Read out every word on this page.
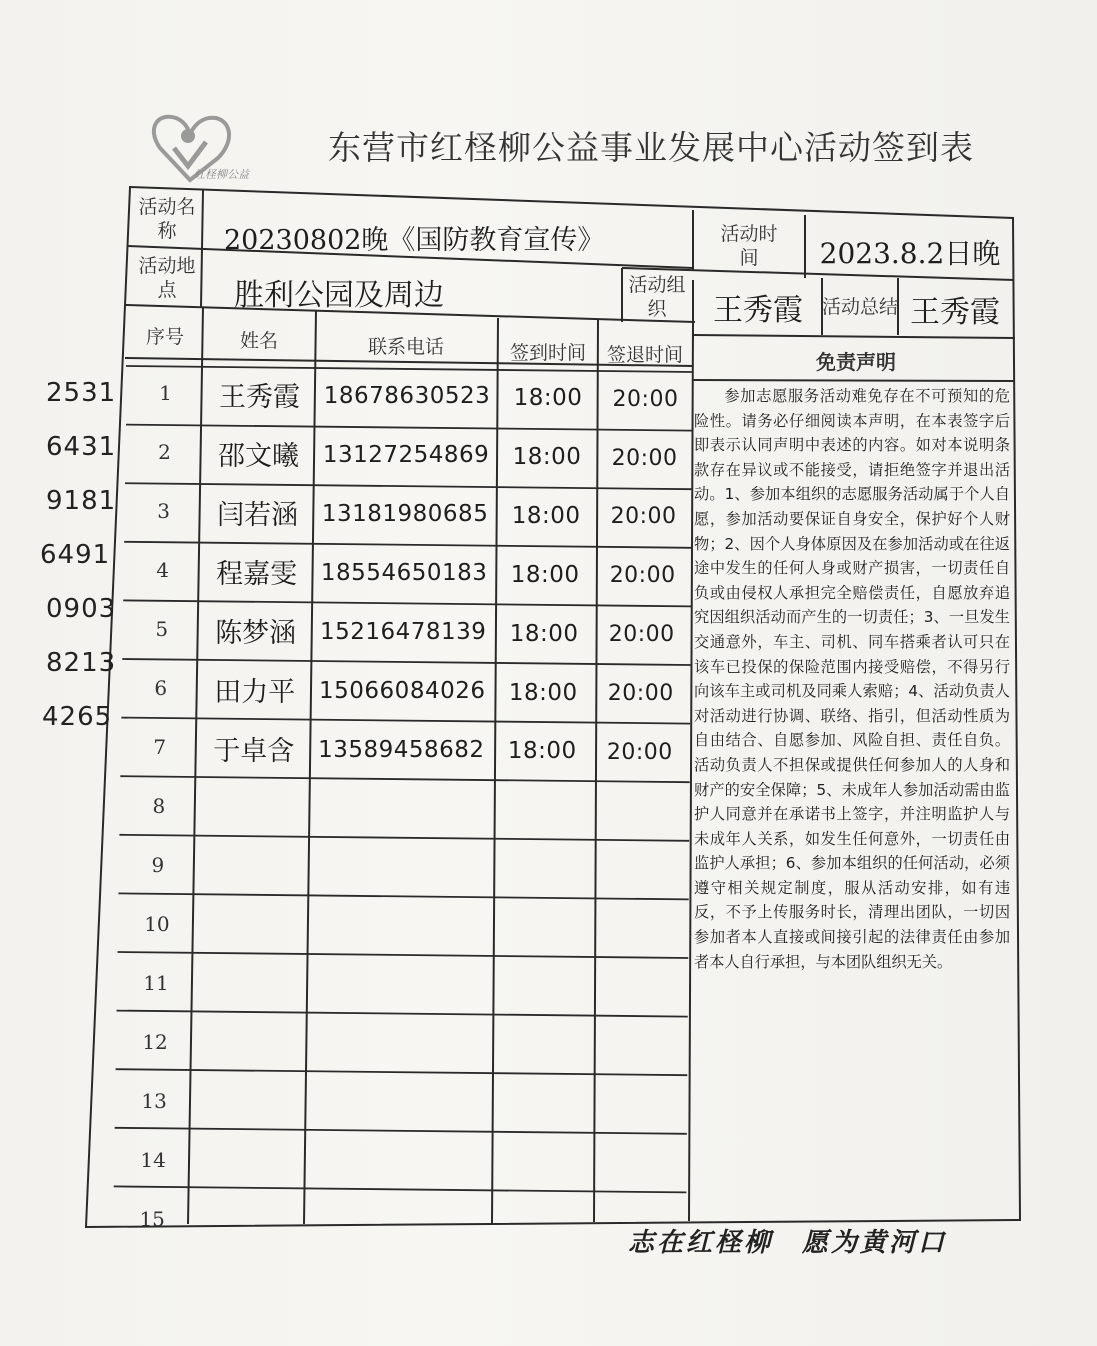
红柽柳公益
东营市红柽柳公益事业发展中心活动签到表
活动名称	20230802晚《国防教育宣传》	活动时间	2023.8.2日晚
活动地点	胜利公园及周边	活动组织	王秀霞	活动总结 王秀霞
序号	姓名	联系电话	签到时间	签退时间	免责声明
1	王秀霞	18678630523	18:00	20:00
2	邵文曦	13127254869	18:00	20:00
3	闫若涵	13181980685	18:00	20:00
4	程嘉雯	18554650183	18:00	20:00
5	陈梦涵	15216478139	18:00	20:00
6	田力平	15066084026	18:00	20:00
7	于卓含	13589458682	18:00	20:00
8
9
10
11
12
13
14
15
2531
6431
9181
6491
0903
8213
4265

参加志愿服务活动难免存在不可预知的危险性。请务必仔细阅读本声明，在本表签字后即表示认同声明中表述的内容。如对本说明条款存在异议或不能接受，请拒绝签字并退出活动。1、参加本组织的志愿服务活动属于个人自愿，参加活动要保证自身安全，保护好个人财物；2、因个人身体原因及在参加活动或在往返途中发生的任何人身或财产损害，一切责任自负或由侵权人承担完全赔偿责任，自愿放弃追究因组织活动而产生的一切责任；3、一旦发生交通意外，车主、司机、同车搭乘者认可只在该车已投保的保险范围内接受赔偿，不得另行向该车主或司机及同乘人索赔；4、活动负责人对活动进行协调、联络、指引，但活动性质为自由结合、自愿参加、风险自担、责任自负。活动负责人不担保或提供任何参加人的人身和财产的安全保障；5、未成年人参加活动需由监护人同意并在承诺书上签字，并注明监护人与未成年人关系，如发生任何意外，一切责任由监护人承担；6、参加本组织的任何活动，必须遵守相关规定制度，服从活动安排，如有违反，不予上传服务时长，清理出团队，一切因参加者本人直接或间接引起的法律责任由参加者本人自行承担，与本团队组织无关。

志在红柽柳　愿为黄河口
